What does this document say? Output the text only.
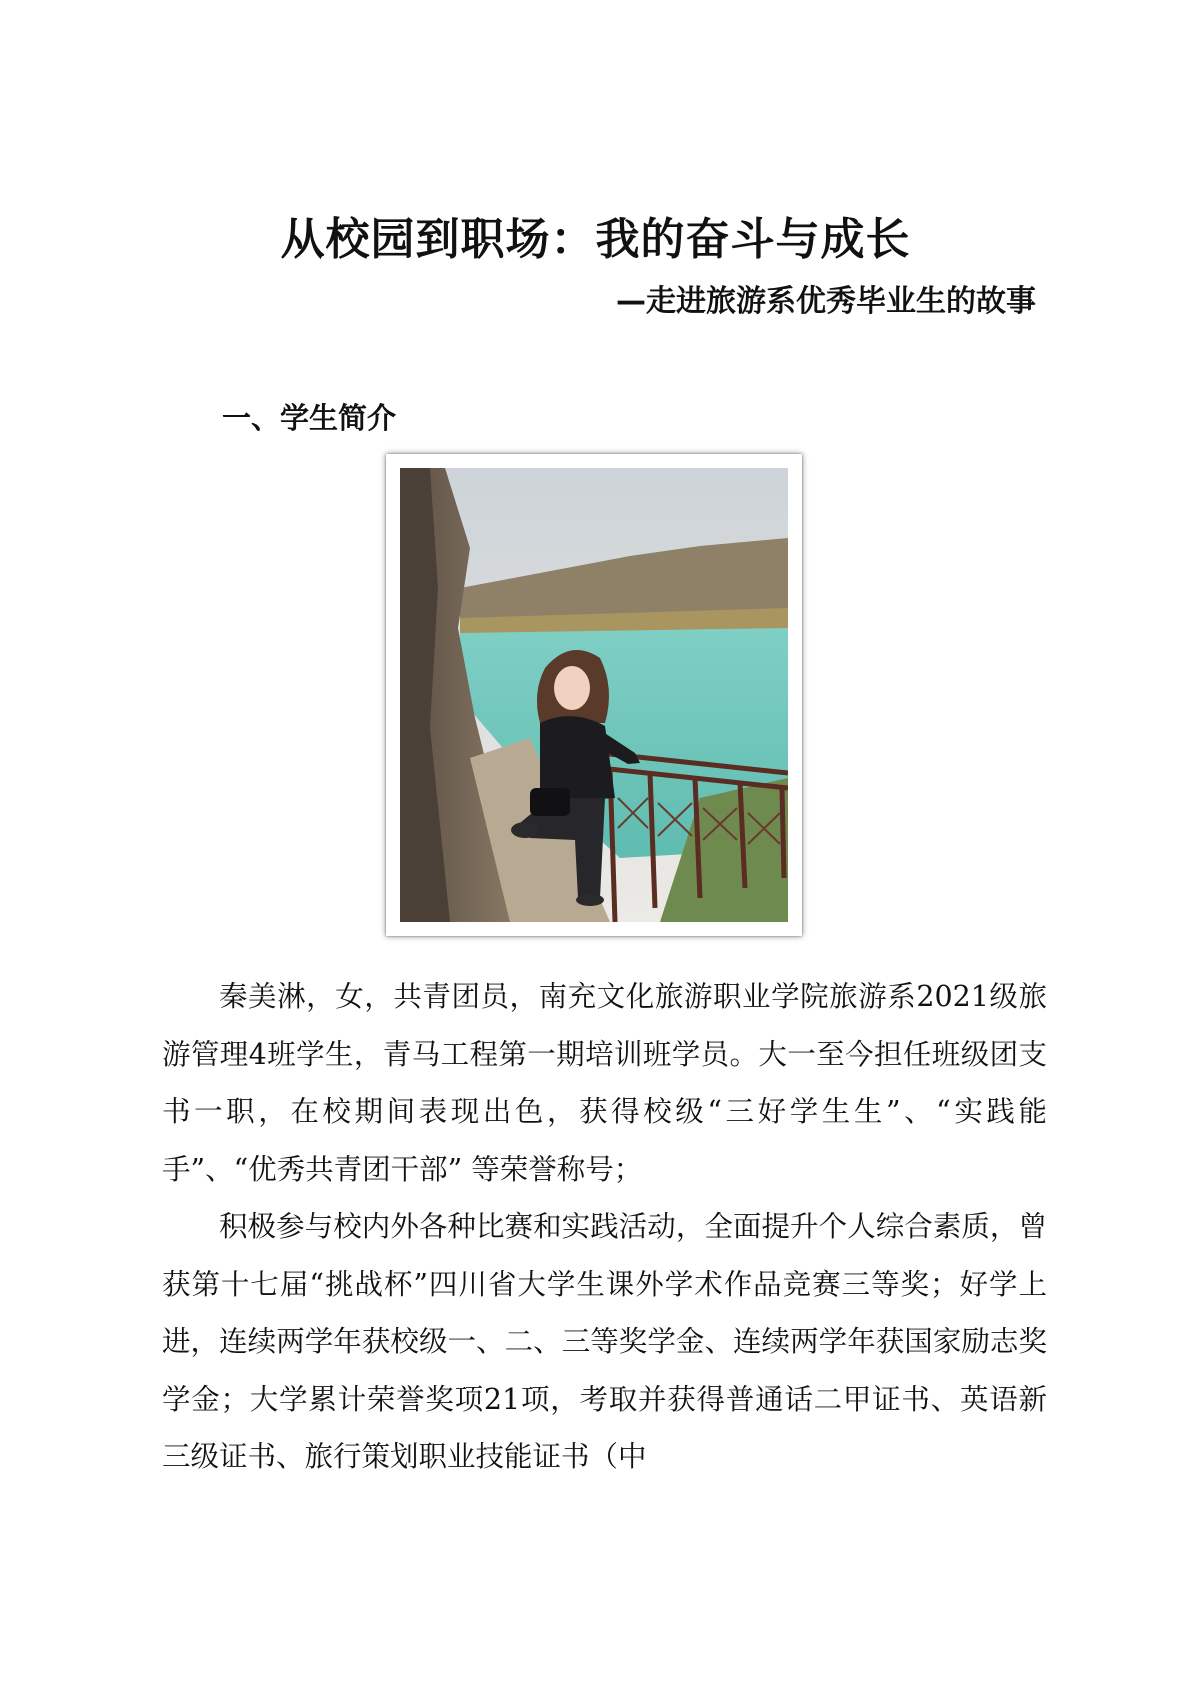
从校园到职场：我的奋斗与成长
—走进旅游系优秀毕业生的故事
一、学生简介

秦美淋，女，共青团员，南充文化旅游职业学院旅游系2021级旅游管理4班学生，青马工程第一期培训班学员。大一至今担任班级团支书一职，在校期间表现出色，获得校级“三好学生生”、“实践能手”、“优秀共青团干部” 等荣誉称号；

积极参与校内外各种比赛和实践活动，全面提升个人综合素质，曾获第十七届“挑战杯”四川省大学生课外学术作品竞赛三等奖；好学上进，连续两学年获校级一、二、三等奖学金、连续两学年获国家励志奖学金；大学累计荣誉奖项21项，考取并获得普通话二甲证书、英语新三级证书、旅行策划职业技能证书（中
